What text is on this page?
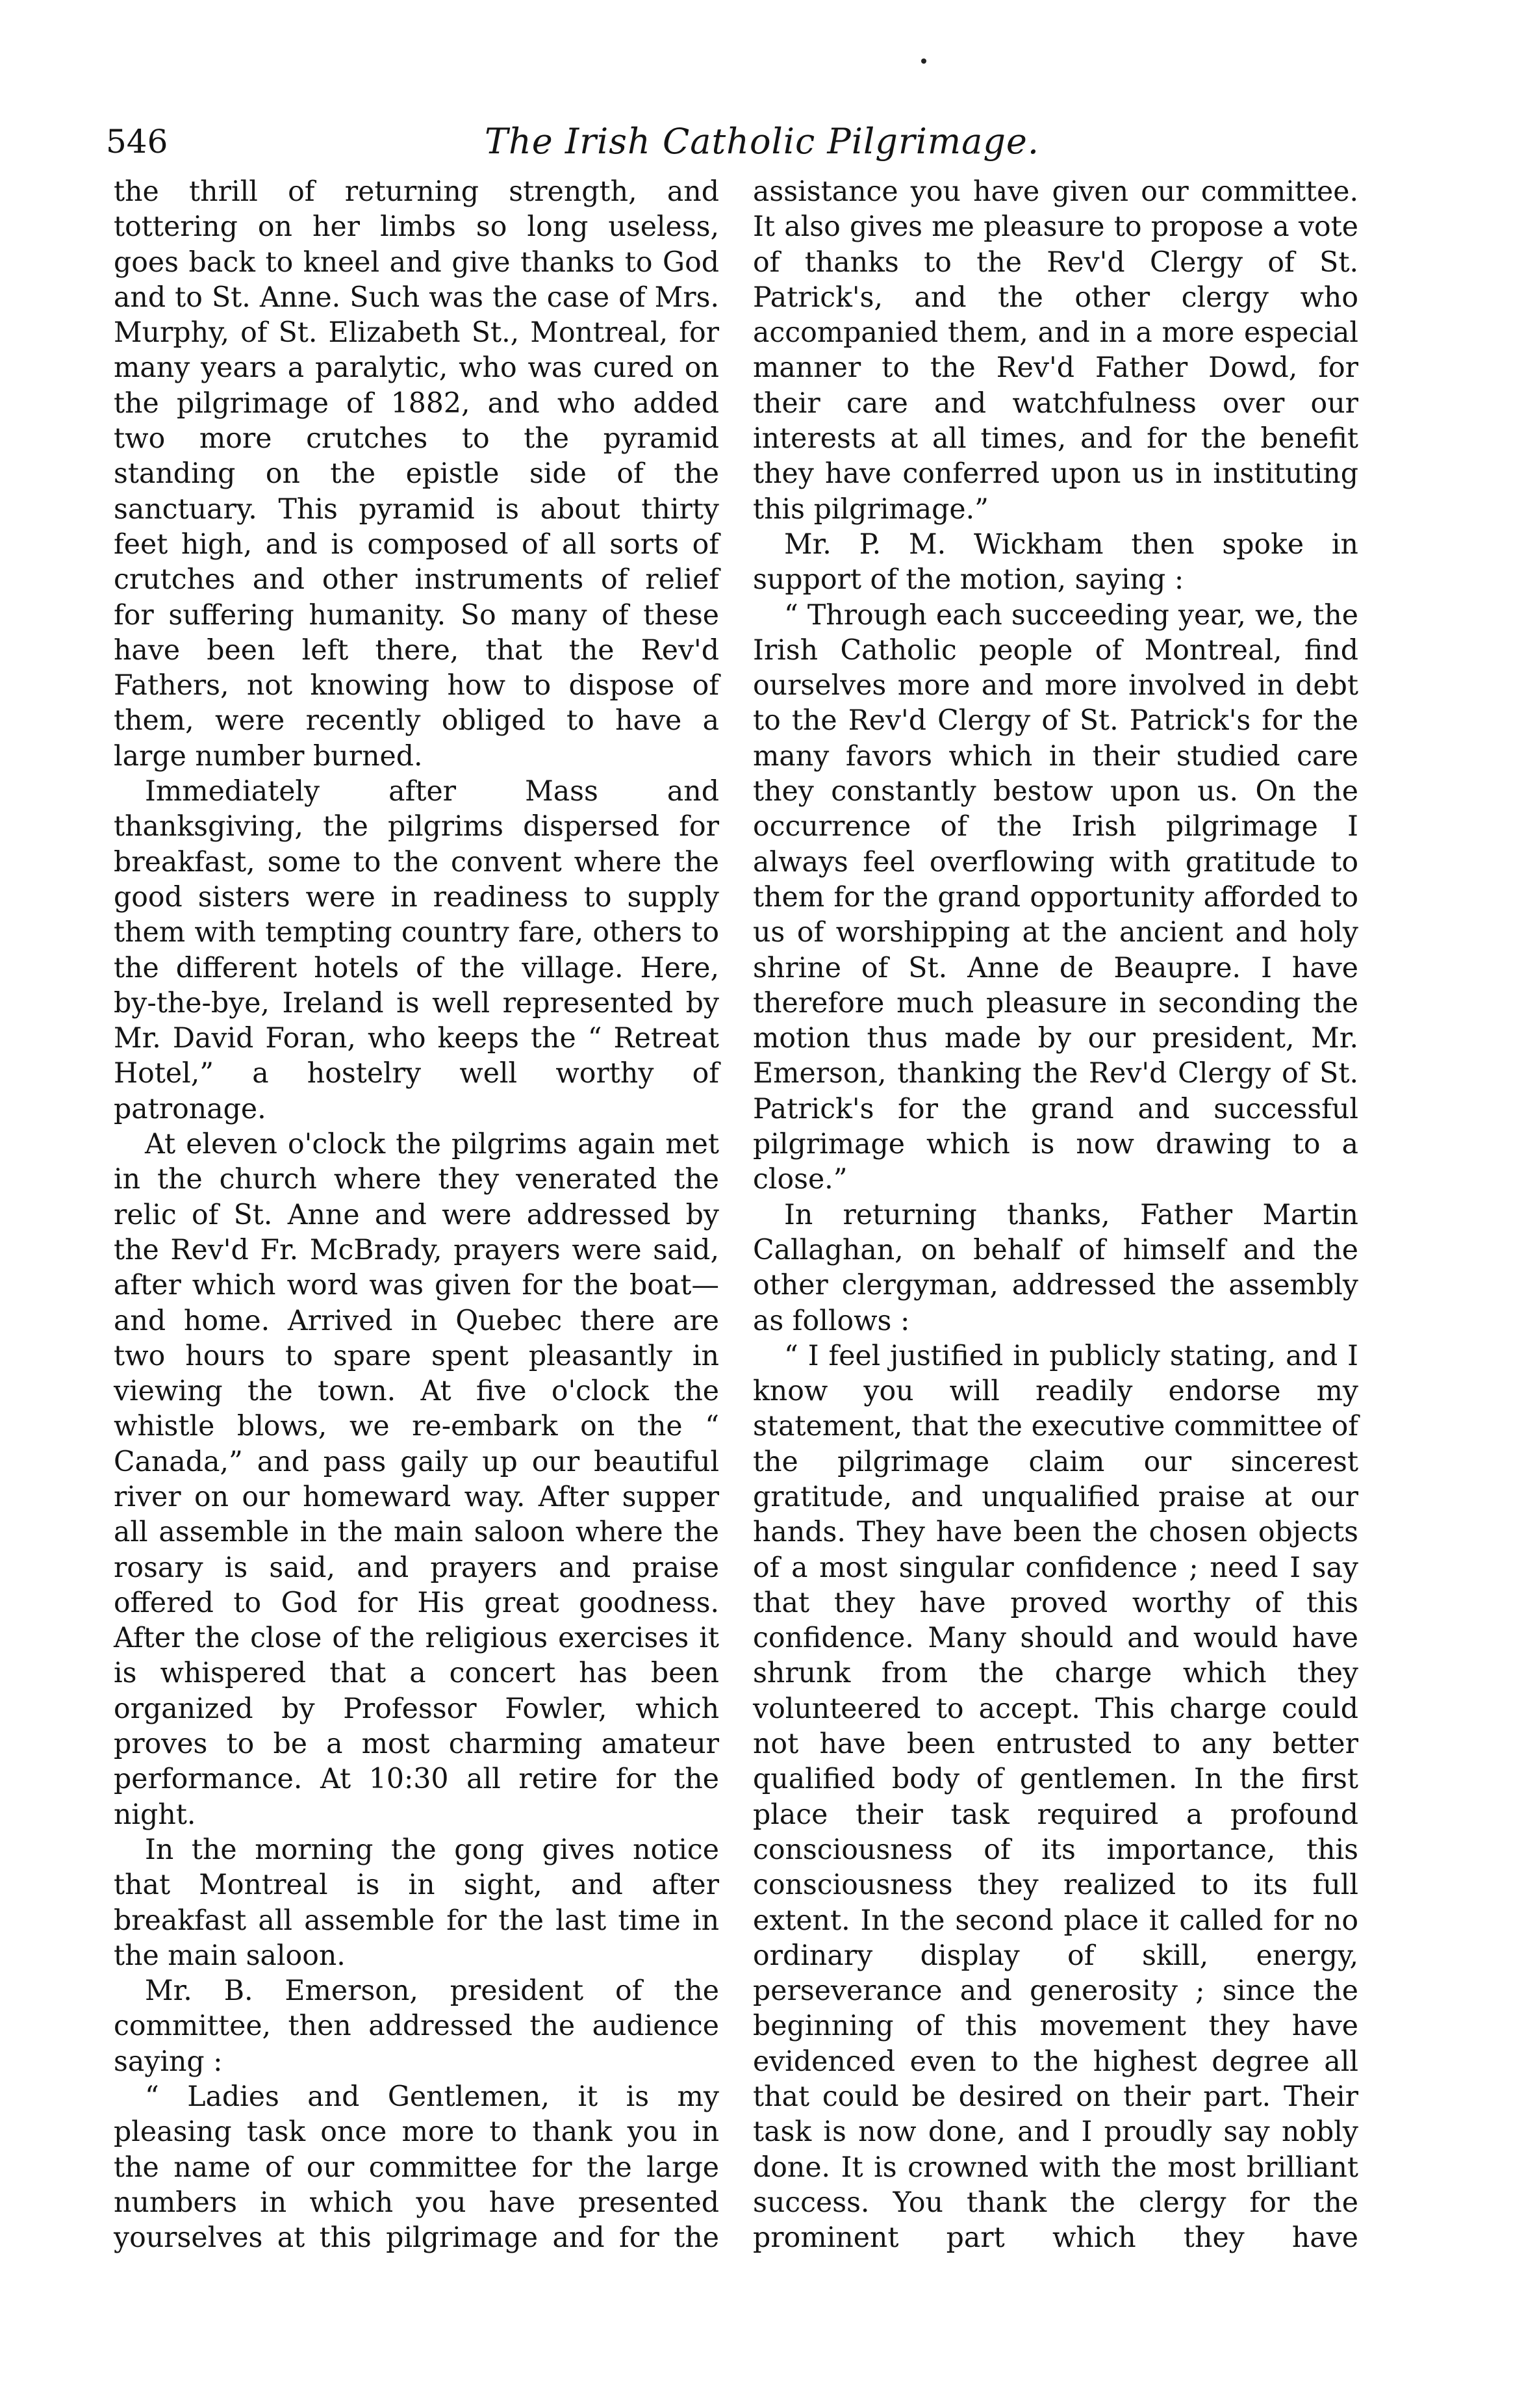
546	The Irish Catholic Pilgrimage.

the thrill of returning strength, and tottering on her limbs so long useless, goes back to kneel and give thanks to God and to St. Anne. Such was the case of Mrs. Murphy, of St. Elizabeth St., Montreal, for many years a paralytic, who was cured on the pilgrimage of 1882, and who added two more crutches to the pyramid standing on the epistle side of the sanctuary. This pyramid is about thirty feet high, and is composed of all sorts of crutches and other instruments of relief for suffering humanity. So many of these have been left there, that the Rev'd Fathers, not knowing how to dispose of them, were recently obliged to have a large number burned.

Immediately after Mass and thanksgiving, the pilgrims dispersed for breakfast, some to the convent where the good sisters were in readiness to supply them with tempting country fare, others to the different hotels of the village. Here, by-the-bye, Ireland is well represented by Mr. David Foran, who keeps the “ Retreat Hotel,” a hostelry well worthy of patronage.

At eleven o'clock the pilgrims again met in the church where they venerated the relic of St. Anne and were addressed by the Rev'd Fr. McBrady, prayers were said, after which word was given for the boat— and home. Arrived in Quebec there are two hours to spare spent pleasantly in viewing the town. At five o'clock the whistle blows, we re-embark on the “ Canada,” and pass gaily up our beautiful river on our homeward way. After supper all assemble in the main saloon where the rosary is said, and prayers and praise offered to God for His great goodness. After the close of the religious exercises it is whispered that a concert has been organized by Professor Fowler, which proves to be a most charming amateur performance. At 10:30 all retire for the night.

In the morning the gong gives notice that Montreal is in sight, and after breakfast all assemble for the last time in the main saloon.

Mr. B. Emerson, president of the committee, then addressed the audience saying :

“ Ladies and Gentlemen, it is my pleasing task once more to thank you in the name of our committee for the large numbers in which you have presented yourselves at this pilgrimage and for the

assistance you have given our committee. It also gives me pleasure to propose a vote of thanks to the Rev'd Clergy of St. Patrick's, and the other clergy who accompanied them, and in a more especial manner to the Rev'd Father Dowd, for their care and watchfulness over our interests at all times, and for the benefit they have conferred upon us in instituting this pilgrimage.”

Mr. P. M. Wickham then spoke in support of the motion, saying :

“ Through each succeeding year, we, the Irish Catholic people of Montreal, find ourselves more and more involved in debt to the Rev'd Clergy of St. Patrick's for the many favors which in their studied care they constantly bestow upon us. On the occurrence of the Irish pilgrimage I always feel overflowing with gratitude to them for the grand opportunity afforded to us of worshipping at the ancient and holy shrine of St. Anne de Beaupre. I have therefore much pleasure in seconding the motion thus made by our president, Mr. Emerson, thanking the Rev'd Clergy of St. Patrick's for the grand and successful pilgrimage which is now drawing to a close.”

In returning thanks, Father Martin Callaghan, on behalf of himself and the other clergyman, addressed the assembly as follows :

“ I feel justified in publicly stating, and I know you will readily endorse my statement, that the executive committee of the pilgrimage claim our sincerest gratitude, and unqualified praise at our hands. They have been the chosen objects of a most singular confidence ; need I say that they have proved worthy of this confidence. Many should and would have shrunk from the charge which they volunteered to accept. This charge could not have been entrusted to any better qualified body of gentlemen. In the first place their task required a profound consciousness of its importance, this consciousness they realized to its full extent. In the second place it called for no ordinary display of skill, energy, perseverance and generosity ; since the beginning of this movement they have evidenced even to the highest degree all that could be desired on their part. Their task is now done, and I proudly say nobly done. It is crowned with the most brilliant success. You thank the clergy for the prominent part which they have
